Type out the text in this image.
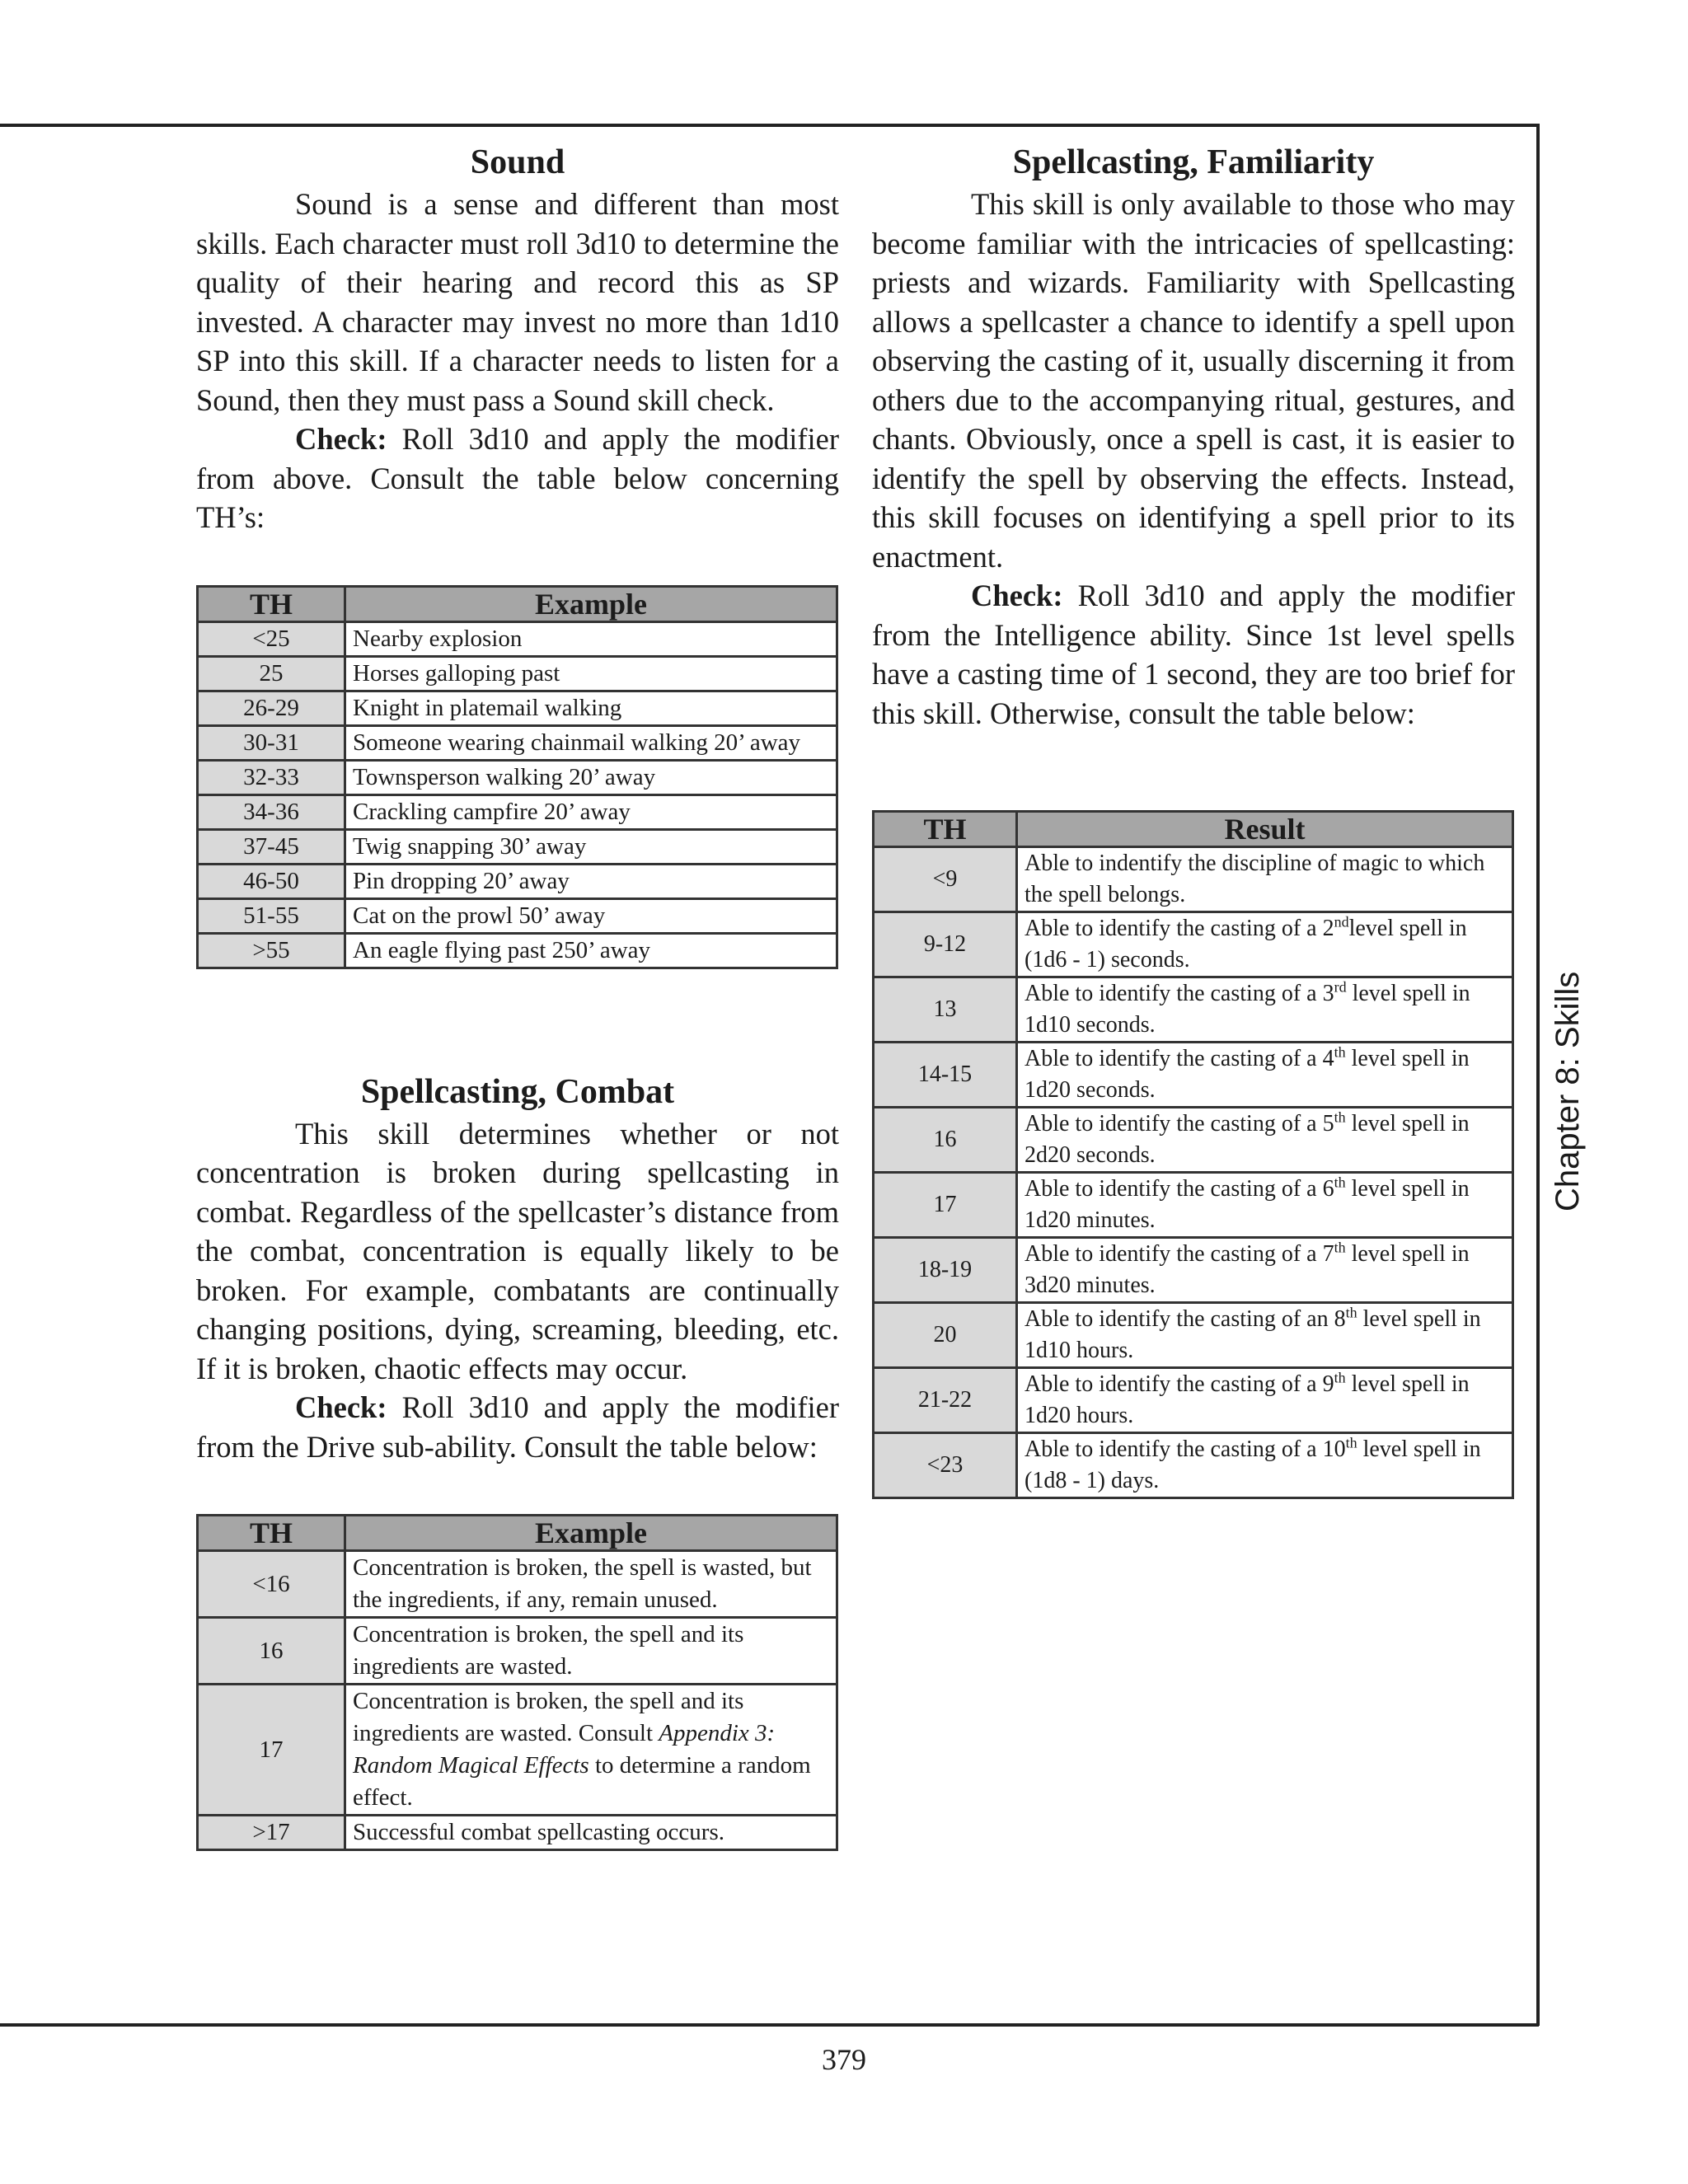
Sound

Sound is a sense and different than most skills. Each character must roll 3d10 to determine the quality of their hearing and record this as SP invested. A character may invest no more than 1d10 SP into this skill. If a character needs to listen for a Sound, then they must pass a Sound skill check.

Check: Roll 3d10 and apply the modifier from above. Consult the table below concerning TH’s:

TH	Example
<25	Nearby explosion
25	Horses galloping past
26-29	Knight in platemail walking
30-31	Someone wearing chainmail walking 20’ away
32-33	Townsperson walking 20’ away
34-36	Crackling campfire 20’ away
37-45	Twig snapping 30’ away
46-50	Pin dropping 20’ away
51-55	Cat on the prowl 50’ away
>55	An eagle flying past 250’ away
Spellcasting, Combat

This skill determines whether or not concentration is broken during spellcasting in combat. Regardless of the spellcaster’s distance from the combat, concentration is equally likely to be broken. For example, combatants are continually changing positions, dying, screaming, bleeding, etc. If it is broken, chaotic effects may occur.

Check: Roll 3d10 and apply the modifier from the Drive sub-ability. Consult the table below:

TH	Example
<16	Concentration is broken, the spell is wasted, but the ingredients, if any, remain unused.
16	Concentration is broken, the spell and its ingredients are wasted.
17	Concentration is broken, the spell and its ingredients are wasted. Consult Appendix 3: Random Magical Effects to determine a random effect.
>17	Successful combat spellcasting occurs.
Spellcasting, Familiarity

This skill is only available to those who may become familiar with the intricacies of spellcasting: priests and wizards. Familiarity with Spellcasting allows a spellcaster a chance to identify a spell upon observing the casting of it, usually discerning it from others due to the accompanying ritual, gestures, and chants. Obviously, once a spell is cast, it is easier to identify the spell by observing the effects. Instead, this skill focuses on identifying a spell prior to its enactment.

Check: Roll 3d10 and apply the modifier from the Intelligence ability. Since 1st level spells have a casting time of 1 second, they are too brief for this skill. Otherwise, consult the table below:

TH	Result
<9	Able to indentify the discipline of magic to which the spell belongs.
9-12	Able to identify the casting of a 2ndlevel spell in (1d6 - 1) seconds.
13	Able to identify the casting of a 3rd level spell in 1d10 seconds.
14-15	Able to identify the casting of a 4th level spell in 1d20 seconds.
16	Able to identify the casting of a 5th level spell in 2d20 seconds.
17	Able to identify the casting of a 6th level spell in 1d20 minutes.
18-19	Able to identify the casting of a 7th level spell in 3d20 minutes.
20	Able to identify the casting of an 8th level spell in 1d10 hours.
21-22	Able to identify the casting of a 9th level spell in 1d20 hours.
<23	Able to identify the casting of a 10th level spell in (1d8 - 1) days.
Chapter 8: Skills
379
